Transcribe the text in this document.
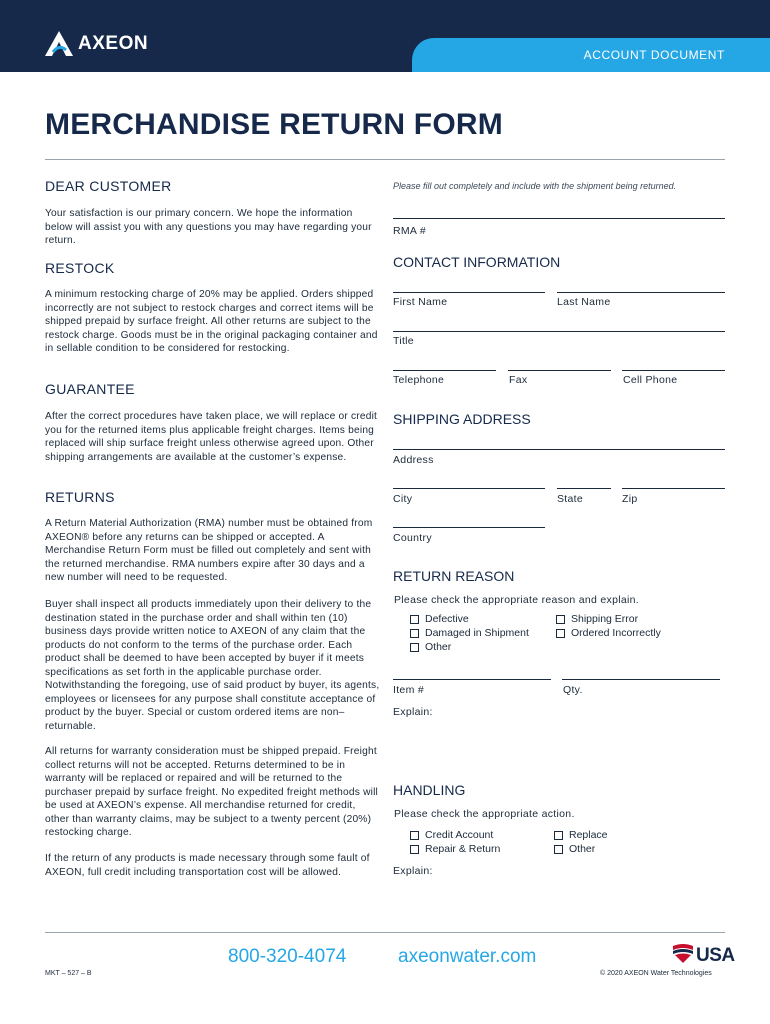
AXEON
ACCOUNT DOCUMENT
MERCHANDISE RETURN FORM
DEAR CUSTOMER
Your satisfaction is our primary concern. We hope the information below will assist you with any questions you may have regarding your return.
RESTOCK
A minimum restocking charge of 20% may be applied. Orders shipped incorrectly are not subject to restock charges and correct items will be shipped prepaid by surface freight. All other returns are subject to the restock charge. Goods must be in the original packaging container and in sellable condition to be considered for restocking.
GUARANTEE
After the correct procedures have taken place, we will replace or credit you for the returned items plus applicable freight charges. Items being replaced will ship surface freight unless otherwise agreed upon. Other shipping arrangements are available at the customer’s expense.
RETURNS
A Return Material Authorization (RMA) number must be obtained from AXEON® before any returns can be shipped or accepted. A Merchandise Return Form must be filled out completely and sent with the returned merchandise. RMA numbers expire after 30 days and a new number will need to be requested.
Buyer shall inspect all products immediately upon their delivery to the destination stated in the purchase order and shall within ten (10) business days provide written notice to AXEON of any claim that the products do not conform to the terms of the purchase order. Each product shall be deemed to have been accepted by buyer if it meets specifications as set forth in the applicable purchase order. Notwithstanding the foregoing, use of said product by buyer, its agents, employees or licensees for any purpose shall constitute acceptance of product by the buyer. Special or custom ordered items are non–returnable.
All returns for warranty consideration must be shipped prepaid. Freight collect returns will not be accepted. Returns determined to be in warranty will be replaced or repaired and will be returned to the purchaser prepaid by surface freight. No expedited freight methods will be used at AXEON’s expense. All merchandise returned for credit, other than warranty claims, may be subject to a twenty percent (20%) restocking charge.
If the return of any products is made necessary through some fault of AXEON, full credit including transportation cost will be allowed.
Please fill out completely and include with the shipment being returned.
RMA #
CONTACT INFORMATION
First Name	Last Name
Title
Telephone	Fax	Cell Phone
SHIPPING ADDRESS
Address
City	State	Zip
Country
RETURN REASON
Please check the appropriate reason and explain.
Defective	Shipping Error
Damaged in Shipment	Ordered Incorrectly
Other
Item #	Qty.
Explain:
HANDLING
Please check the appropriate action.
Credit Account	Replace
Repair & Return	Other
Explain:
800-320-4074	axeonwater.com
MKT – 527 – B	© 2020 AXEON Water Technologies
USA
